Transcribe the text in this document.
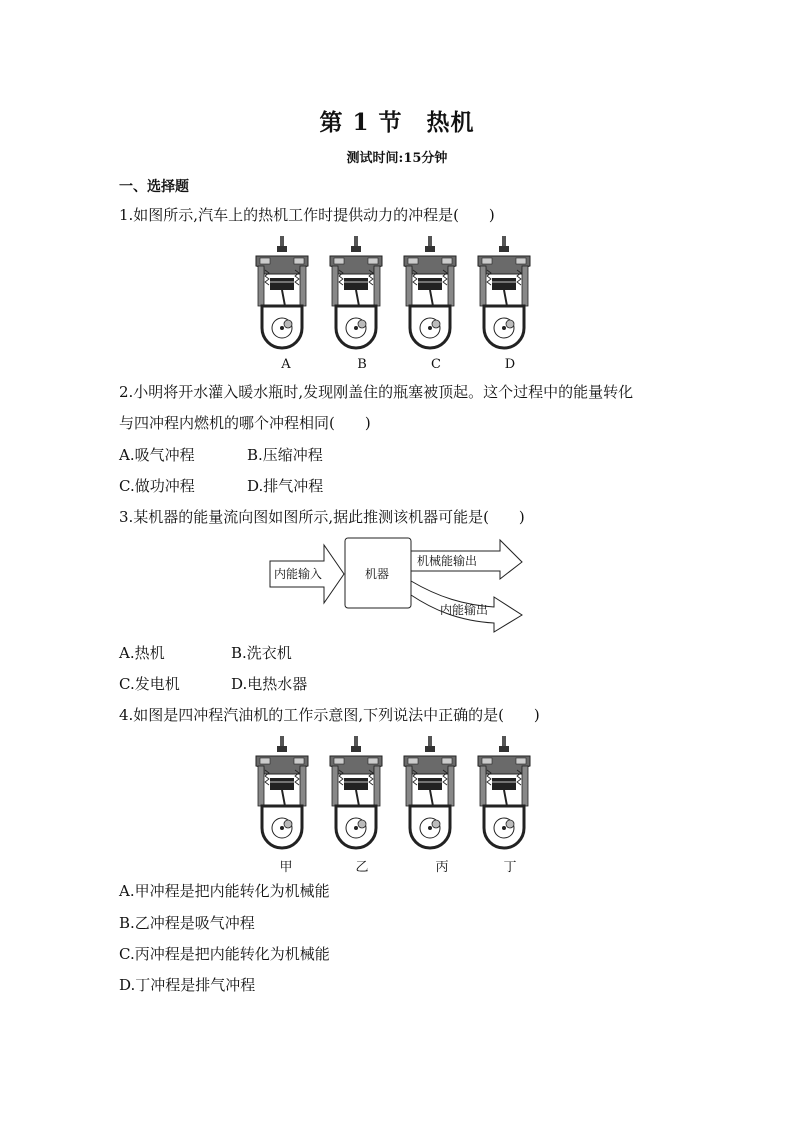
第 1 节　热机
测试时间:15分钟
一、选择题
1.如图所示,汽车上的热机工作时提供动力的冲程是(　　)
A	B	C	D
2.小明将开水灌入暖水瓶时,发现刚盖住的瓶塞被顶起。这个过程中的能量转化
与四冲程内燃机的哪个冲程相同(　　)
A.吸气冲程	B.压缩冲程
C.做功冲程	D.排气冲程
3.某机器的能量流向图如图所示,据此推测该机器可能是(　　)
内能输入	机器
机械能输出
内能输出
A.热机	B.洗衣机
C.发电机	D.电热水器
4.如图是四冲程汽油机的工作示意图,下列说法中正确的是(　　)
甲	乙	丙	丁
A.甲冲程是把内能转化为机械能
B.乙冲程是吸气冲程
C.丙冲程是把内能转化为机械能
D.丁冲程是排气冲程
